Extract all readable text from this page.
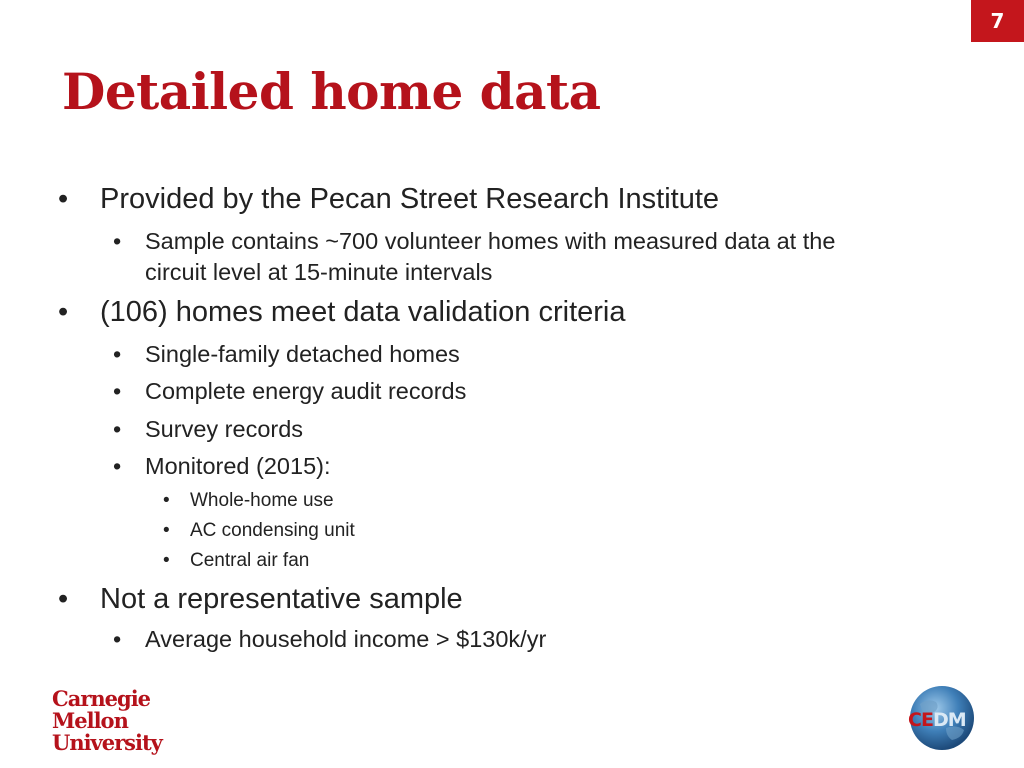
7
Detailed home data
• Provided by the Pecan Street Research Institute
• Sample contains ~700 volunteer homes with measured data at the
circuit level at 15-minute intervals
• (106) homes meet data validation criteria
• Single-family detached homes
• Complete energy audit records
• Survey records
• Monitored (2015):
• Whole-home use
• AC condensing unit
• Central air fan
• Not a representative sample
• Average household income > $130k/yr
Carnegie
Mellon
University
CEDM
